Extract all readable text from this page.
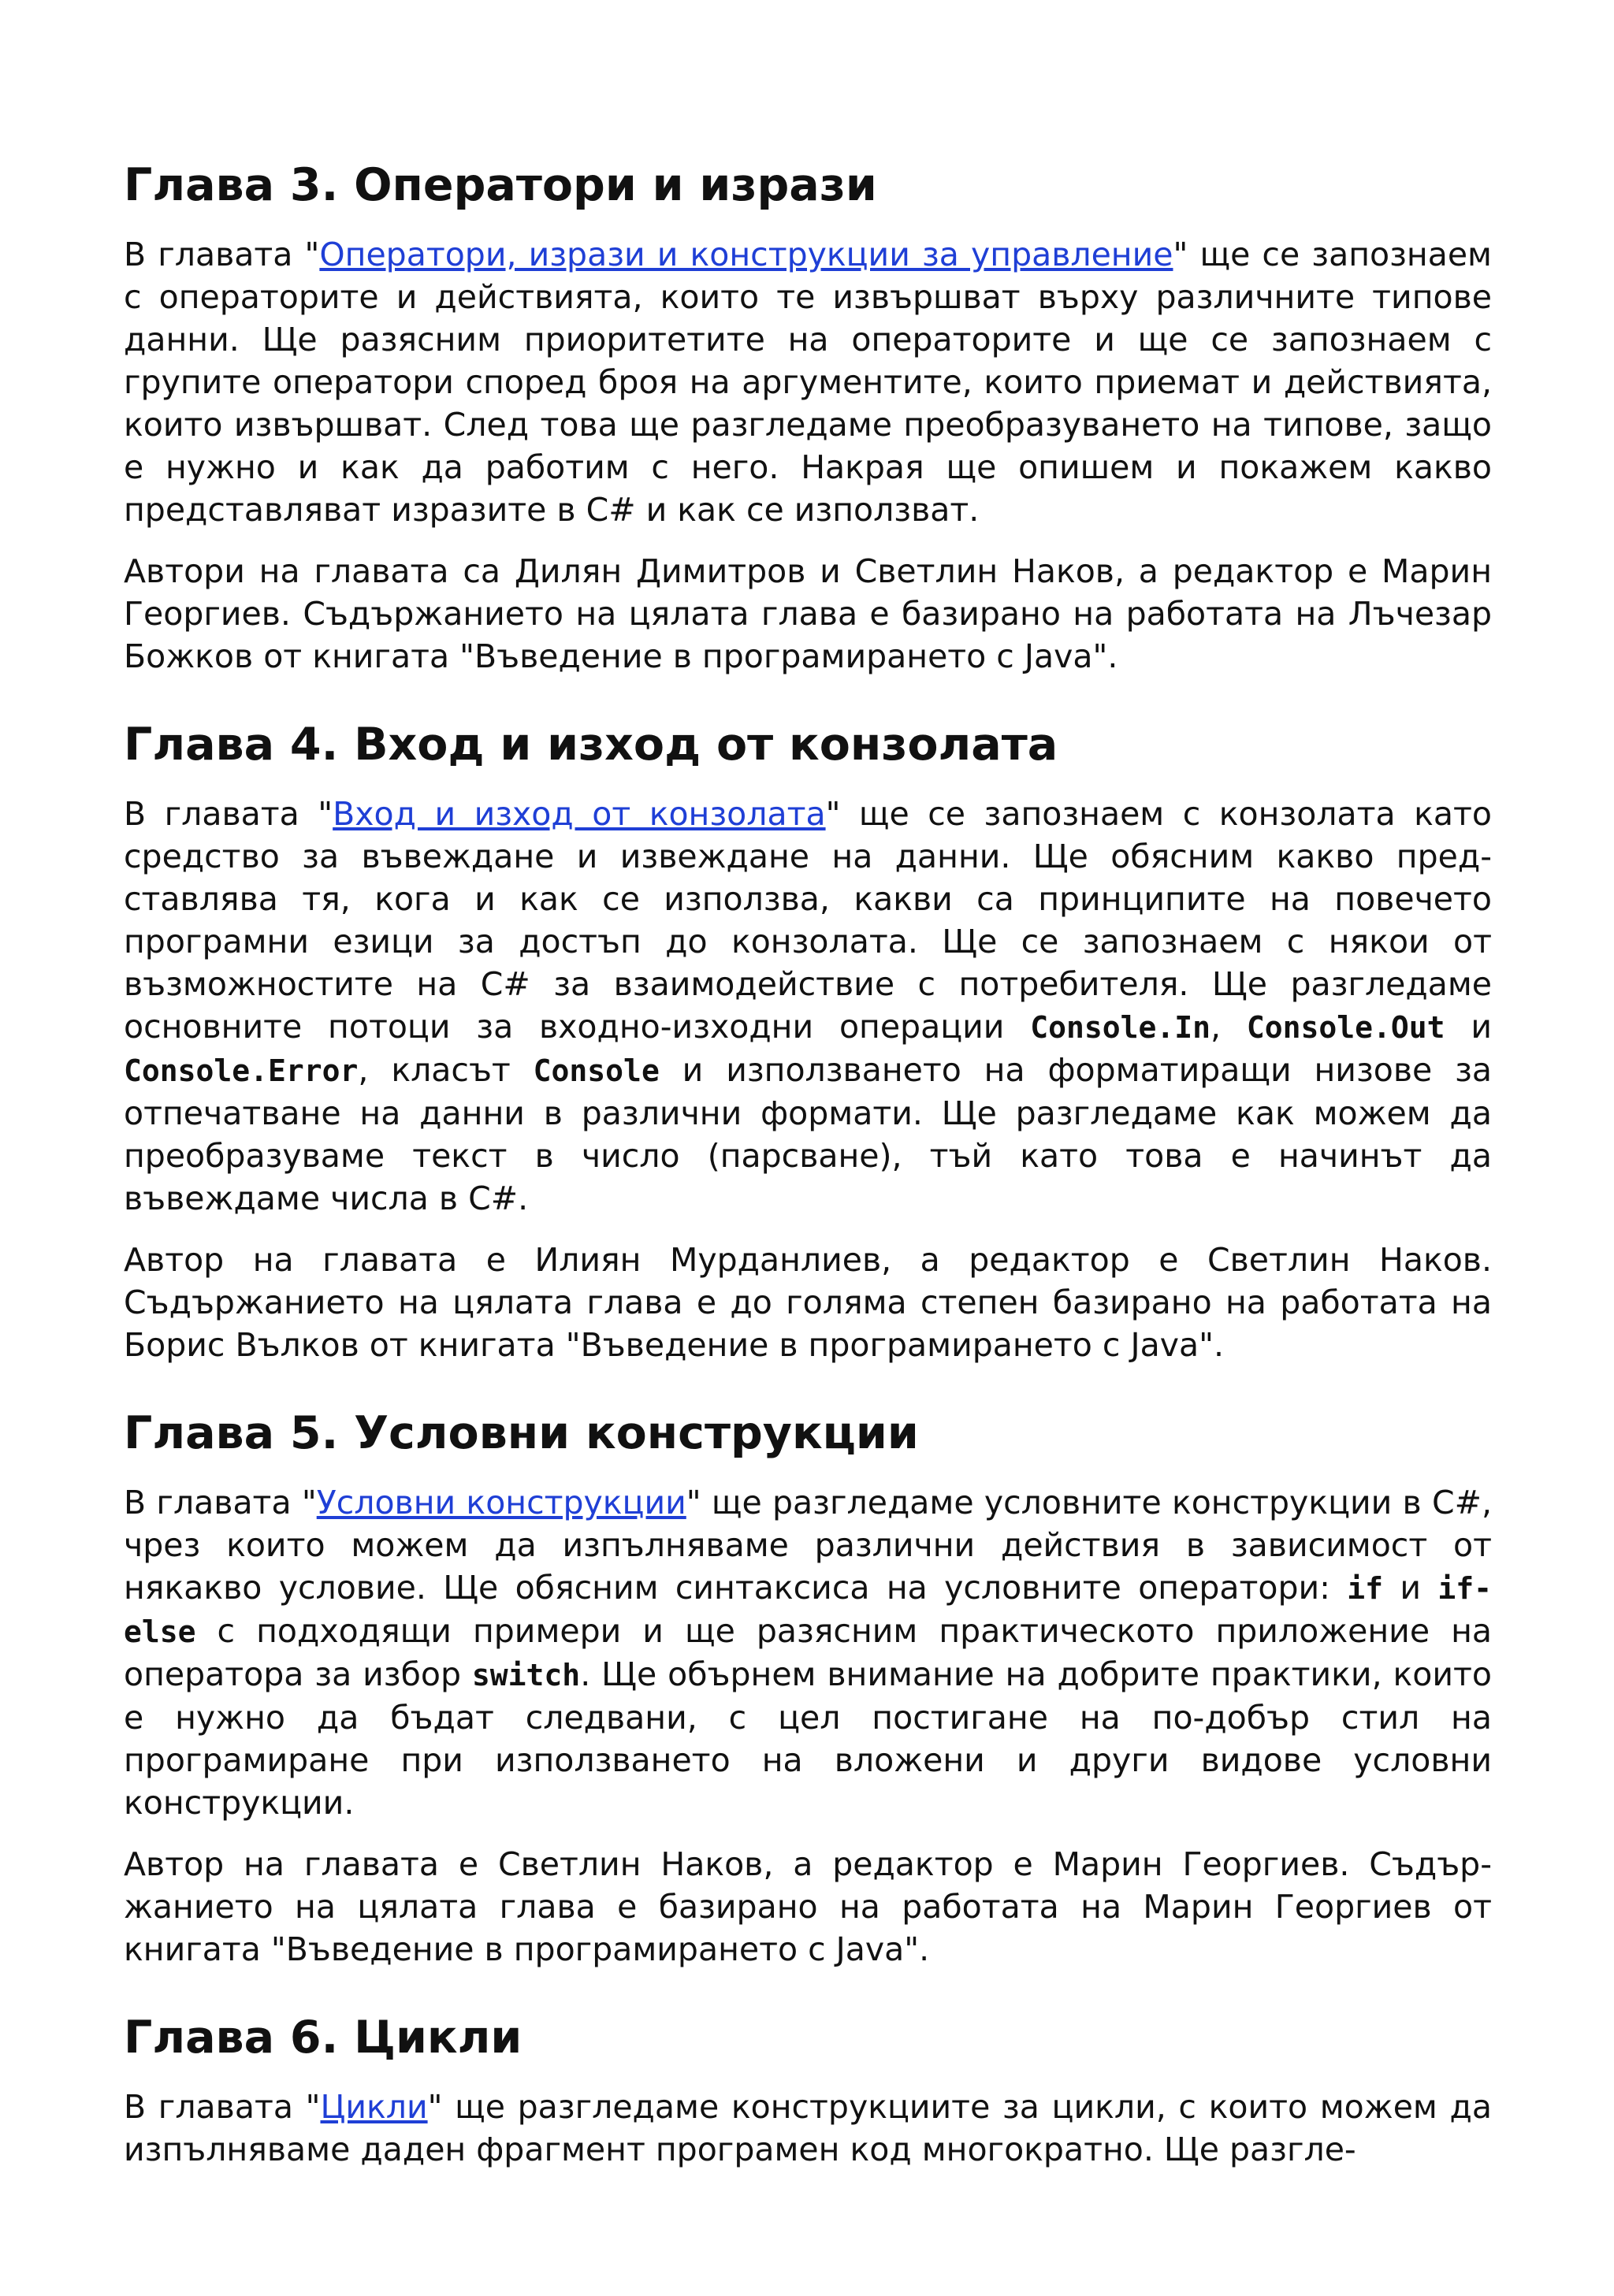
Глава 3. Оператори и изрази

В главата "Оператори, изрази и конструкции за управление" ще се запознаем с операторите и действията, които те извършват върху различните типове данни. Ще разясним приоритетите на операторите и ще се запознаем с групите оператори според броя на аргументите, които приемат и действията, които извършват. След това ще разгледаме преобразуването на типове, защо е нужно и как да работим с него. Накрая ще опишем и покажем какво представляват изразите в C# и как се използват.

Автори на главата са Дилян Димитров и Светлин Наков, а редактор е Марин Георгиев. Съдържанието на цялата глава е базирано на работата на Лъчезар Божков от книгата "Въведение в програмирането с Java".

Глава 4. Вход и изход от конзолата

В главата "Вход и изход от конзолата" ще се запознаем с конзолата като средство за въвеждане и извеждане на данни. Ще обясним какво представлява тя, кога и как се използва, какви са принципите на повечето програмни езици за достъп до конзолата. Ще се запознаем с някои от възможностите на C# за взаимодействие с потребителя. Ще разгледаме основните потоци за входно-изходни операции Console.In, Console.Out и Console.Error, класът Console и използването на форматиращи низове за отпечатване на данни в различни формати. Ще разгледаме как можем да преобразуваме текст в число (парсване), тъй като това е начинът да въвеждаме числа в C#.

Автор на главата е Илиян Мурданлиев, а редактор е Светлин Наков. Съдържанието на цялата глава е до голяма степен базирано на работата на Борис Вълков от книгата "Въведение в програмирането с Java".

Глава 5. Условни конструкции

В главата "Условни конструкции" ще разгледаме условните конструкции в C#, чрез които можем да изпълняваме различни действия в зависимост от някакво условие. Ще обясним синтаксиса на условните оператори: if и if-else с подходящи примери и ще разясним практическото приложение на оператора за избор switch. Ще обърнем внимание на добрите практики, които е нужно да бъдат следвани, с цел постигане на по-добър стил на програмиране при използването на вложени и други видове условни конструкции.

Автор на главата е Светлин Наков, а редактор е Марин Георгиев. Съдържанието на цялата глава е базирано на работата на Марин Георгиев от книгата "Въведение в програмирането с Java".

Глава 6. Цикли

В главата "Цикли" ще разгледаме конструкциите за цикли, с които можем да изпълняваме даден фрагмент програмен код многократно. Ще разгле-
